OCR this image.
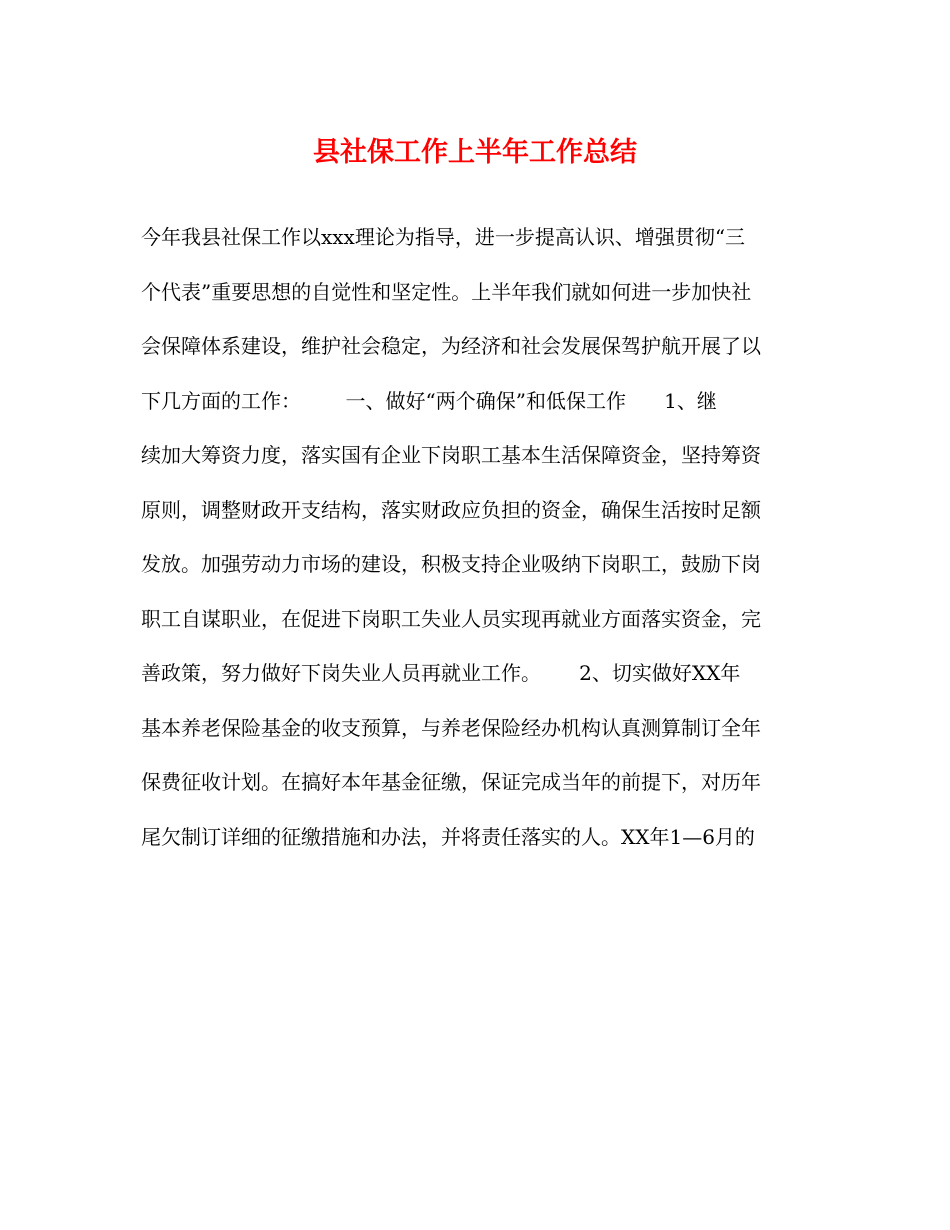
县社保工作上半年工作总结
今年我县社保工作以xxx理论为指导，进一步提高认识、增强贯彻“三
个代表”重要思想的自觉性和坚定性。上半年我们就如何进一步加快社
会保障体系建设，维护社会稳定，为经济和社会发展保驾护航开展了以
下几方面的工作：       一、做好“两个确保”和低保工作      1、继
续加大筹资力度，落实国有企业下岗职工基本生活保障资金，坚持筹资
原则，调整财政开支结构，落实财政应负担的资金，确保生活按时足额
发放。加强劳动力市场的建设，积极支持企业吸纳下岗职工，鼓励下岗
职工自谋职业，在促进下岗职工失业人员实现再就业方面落实资金，完
善政策，努力做好下岗失业人员再就业工作。      2、切实做好XX年
基本养老保险基金的收支预算，与养老保险经办机构认真测算制订全年
保费征收计划。在搞好本年基金征缴，保证完成当年的前提下，对历年
尾欠制订详细的征缴措施和办法，并将责任落实的人。XX年1—6月的
